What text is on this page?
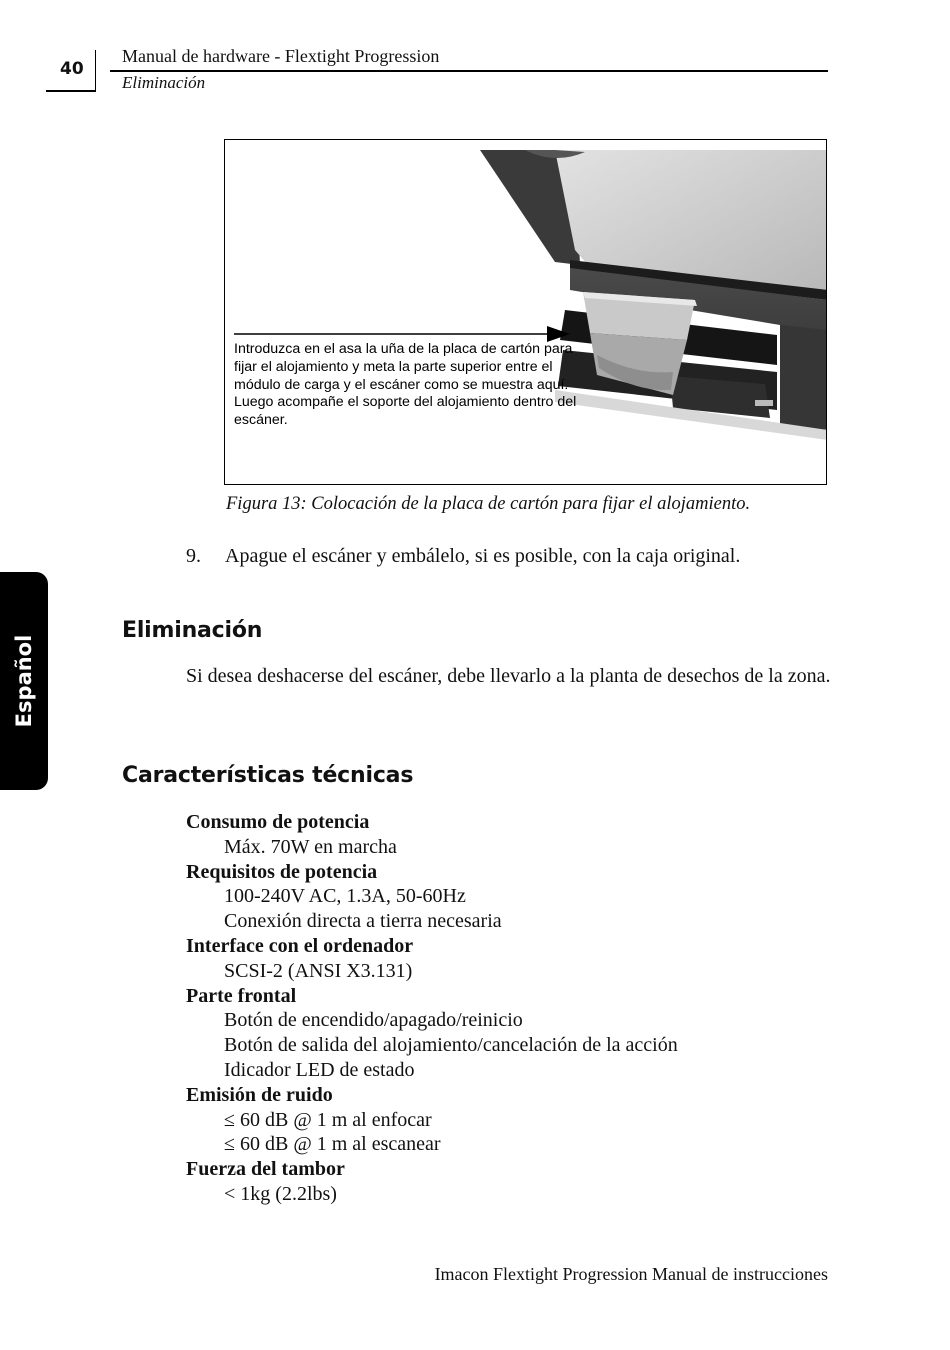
40
Manual de hardware - Flextight Progression
Eliminación
Español
Introduzca en el asa la uña de la placa de cartón para fijar el alojamiento y meta la parte superior entre el módulo de carga y el escáner como se muestra aquí. Luego acompañe el soporte del alojamiento dentro del escáner.
Figura 13: Colocación de la placa de cartón para fijar el alojamiento.
9. Apague el escáner y embálelo, si es posible, con la caja original.
Eliminación
Si desea deshacerse del escáner, debe llevarlo a la planta de desechos de la zona.
Características técnicas
Consumo de potencia
Máx. 70W en marcha
Requisitos de potencia
100-240V AC, 1.3A, 50-60Hz
Conexión directa a tierra necesaria
Interface con el ordenador
SCSI-2 (ANSI X3.131)
Parte frontal
Botón de encendido/apagado/reinicio
Botón de salida del alojamiento/cancelación de la acción
Idicador LED de estado
Emisión de ruido
≤ 60 dB @ 1 m al enfocar
≤ 60 dB @ 1 m al escanear
Fuerza del tambor
< 1kg (2.2lbs)
Imacon Flextight Progression Manual de instrucciones
